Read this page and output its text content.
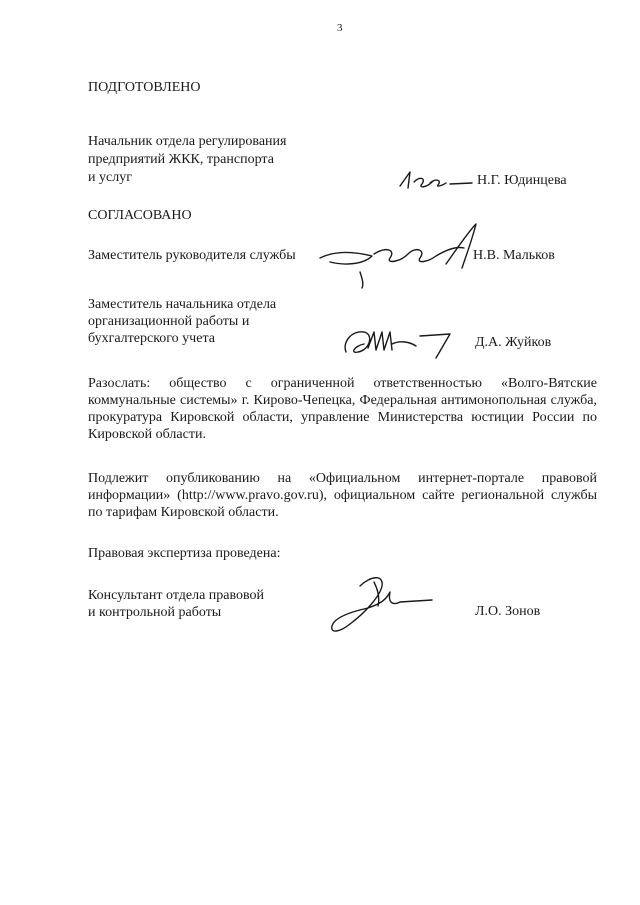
3
ПОДГОТОВЛЕНО
Начальник отдела регулирования
предприятий ЖКК, транспорта
и услуг	Н.Г. Юдинцева
СОГЛАСОВАНО
Заместитель руководителя службы	Н.В. Мальков
Заместитель начальника отдела
организационной работы и
бухгалтерского учета	Д.А. Жуйков
Разослать: общество с ограниченной ответственностью «Волго-Вятские коммунальные системы» г. Кирово-Чепецка, Федеральная антимонопольная служба, прокуратура Кировской области, управление Министерства юстиции России по Кировской области.
Подлежит опубликованию на «Официальном интернет-портале правовой информации» (http://www.pravo.gov.ru), официальном сайте региональной службы по тарифам Кировской области.
Правовая экспертиза проведена:
Консультант отдела правовой
и контрольной работы	Л.О. Зонов
